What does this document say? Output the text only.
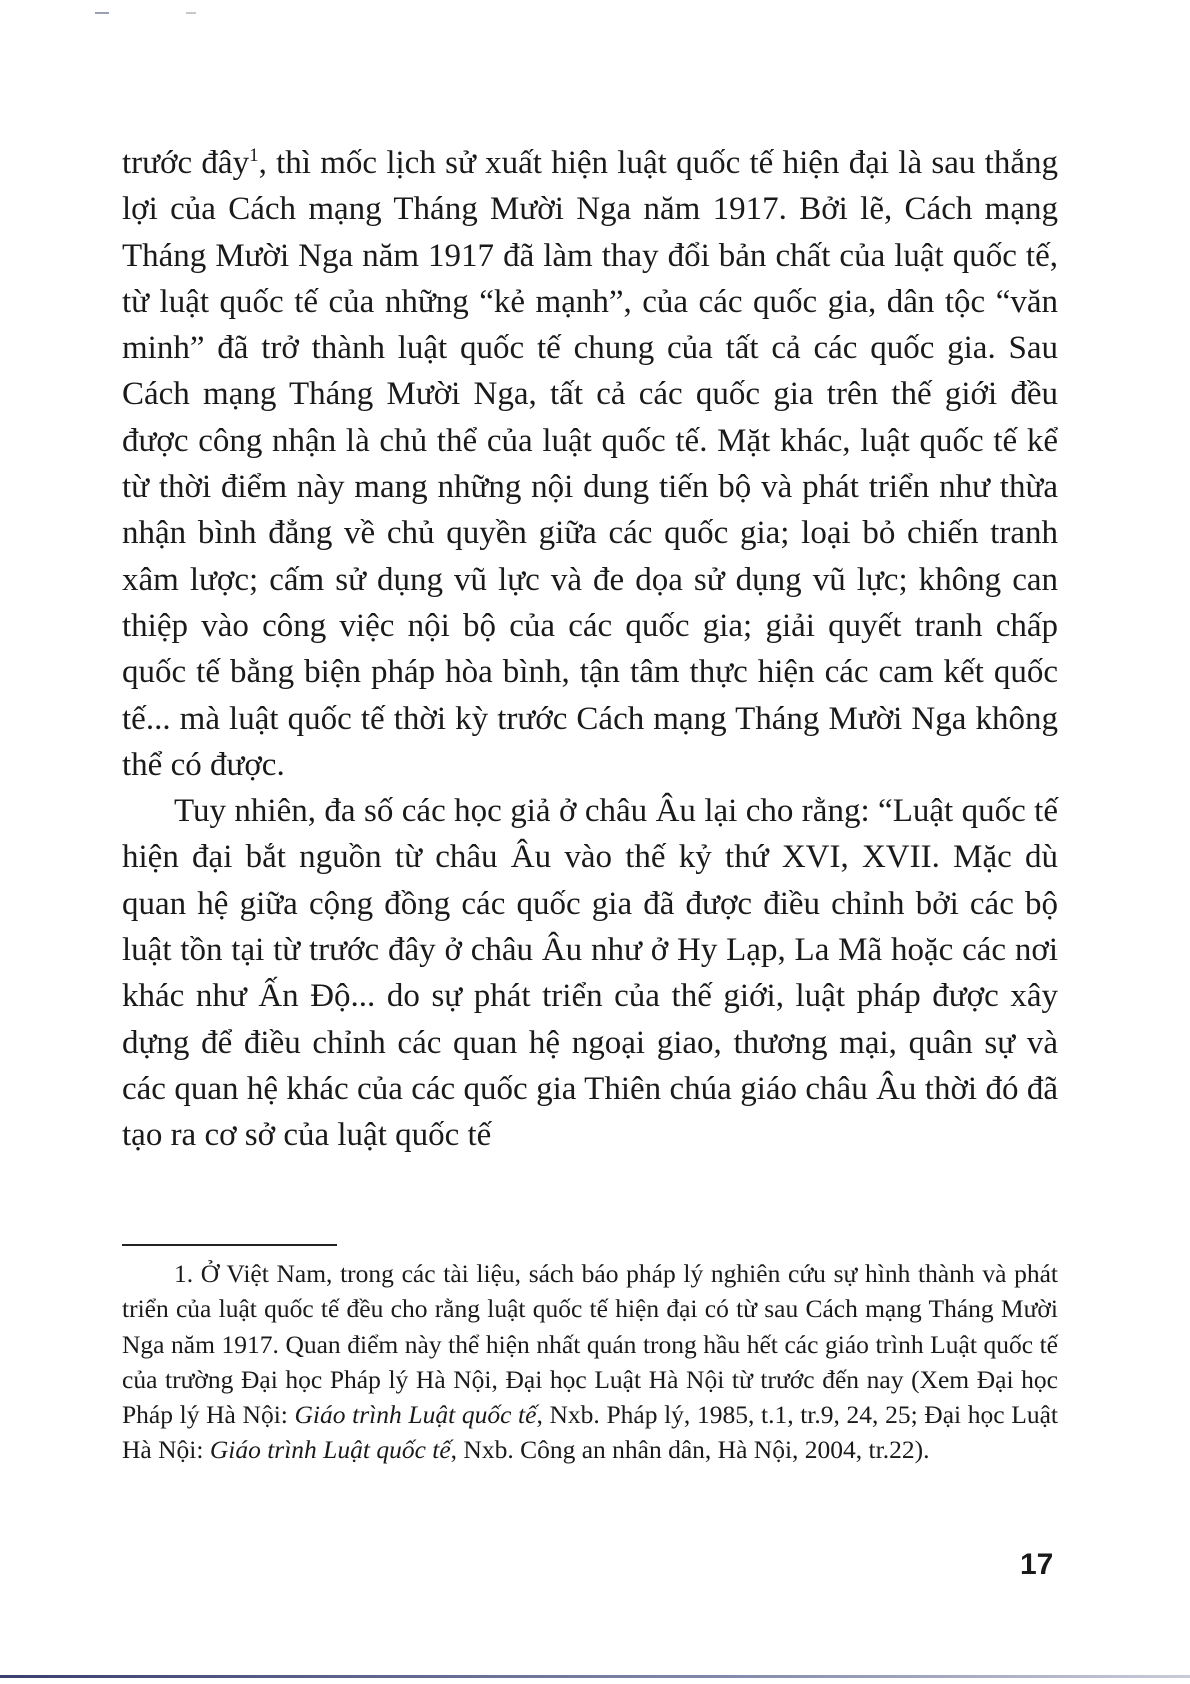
trước đây$^1$, thì mốc lịch sử xuất hiện luật quốc tế hiện đại là sau thắng lợi của Cách mạng Tháng Mười Nga năm 1917. Bởi lẽ, Cách mạng Tháng Mười Nga năm 1917 đã làm thay đổi bản chất của luật quốc tế, từ luật quốc tế của những “kẻ mạnh”, của các quốc gia, dân tộc “văn minh” đã trở thành luật quốc tế chung của tất cả các quốc gia. Sau Cách mạng Tháng Mười Nga, tất cả các quốc gia trên thế giới đều được công nhận là chủ thể của luật quốc tế. Mặt khác, luật quốc tế kể từ thời điểm này mang những nội dung tiến bộ và phát triển như thừa nhận bình đẳng về chủ quyền giữa các quốc gia; loại bỏ chiến tranh xâm lược; cấm sử dụng vũ lực và đe dọa sử dụng vũ lực; không can thiệp vào công việc nội bộ của các quốc gia; giải quyết tranh chấp quốc tế bằng biện pháp hòa bình, tận tâm thực hiện các cam kết quốc tế... mà luật quốc tế thời kỳ trước Cách mạng Tháng Mười Nga không thể có được.

Tuy nhiên, đa số các học giả ở châu Âu lại cho rằng: “Luật quốc tế hiện đại bắt nguồn từ châu Âu vào thế kỷ thứ XVI, XVII. Mặc dù quan hệ giữa cộng đồng các quốc gia đã được điều chỉnh bởi các bộ luật tồn tại từ trước đây ở châu Âu như ở Hy Lạp, La Mã hoặc các nơi khác như Ấn Độ... do sự phát triển của thế giới, luật pháp được xây dựng để điều chỉnh các quan hệ ngoại giao, thương mại, quân sự và các quan hệ khác của các quốc gia Thiên chúa giáo châu Âu thời đó đã tạo ra cơ sở của luật quốc tế

1. Ở Việt Nam, trong các tài liệu, sách báo pháp lý nghiên cứu sự hình thành và phát triển của luật quốc tế đều cho rằng luật quốc tế hiện đại có từ sau Cách mạng Tháng Mười Nga năm 1917. Quan điểm này thể hiện nhất quán trong hầu hết các giáo trình Luật quốc tế của trường Đại học Pháp lý Hà Nội, Đại học Luật Hà Nội từ trước đến nay (Xem Đại học Pháp lý Hà Nội: Giáo trình Luật quốc tế, Nxb. Pháp lý, 1985, t.1, tr.9, 24, 25; Đại học Luật Hà Nội: Giáo trình Luật quốc tế, Nxb. Công an nhân dân, Hà Nội, 2004, tr.22).

17
